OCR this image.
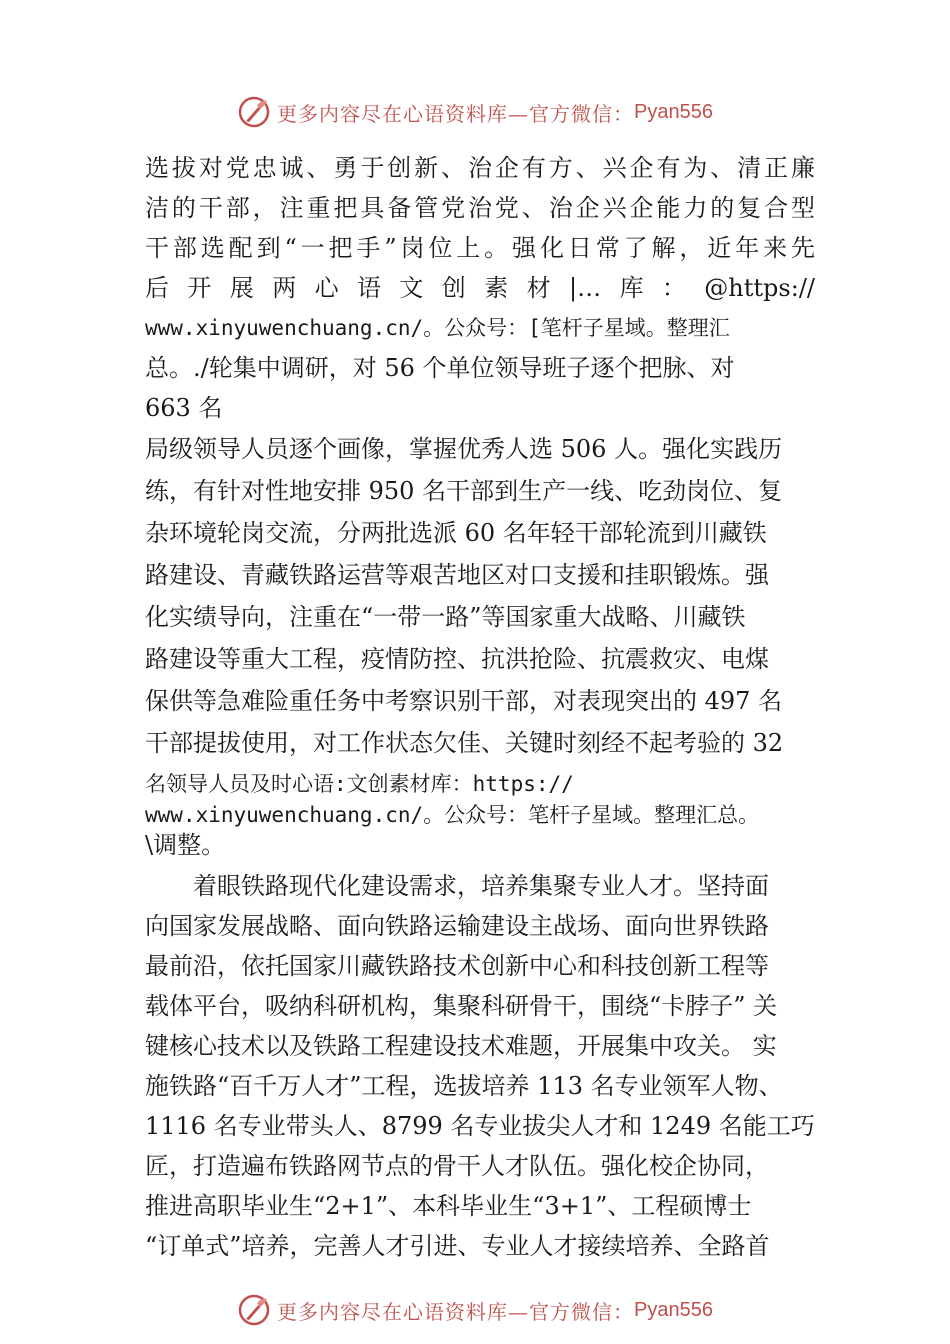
更多内容尽在心语资料库—官方微信： Pyan556
选拔对党忠诚、勇于创新、治企有方、兴企有为、清正廉
洁的干部，注重把具备管党治党、治企兴企能力的复合型
干部选配到“一把手”岗位上。强化日常了解，近年来先
后开展两心语文创素材|…库：@https://
www.xinyuwenchuang.cn/。公众号：[笔杆子星域。整理汇
总。./轮集中调研，对 56 个单位领导班子逐个把脉、对
663 名
局级领导人员逐个画像，掌握优秀人选 506 人。强化实践历
练，有针对性地安排 950 名干部到生产一线、吃劲岗位、复
杂环境轮岗交流，分两批选派 60 名年轻干部轮流到川藏铁
路建设、青藏铁路运营等艰苦地区对口支援和挂职锻炼。强
化实绩导向，注重在“一带一路”等国家重大战略、川藏铁
路建设等重大工程，疫情防控、抗洪抢险、抗震救灾、电煤
保供等急难险重任务中考察识别干部，对表现突出的 497 名
干部提拔使用，对工作状态欠佳、关键时刻经不起考验的 32
名领导人员及时心语:文创素材库：https://
www.xinyuwenchuang.cn/。公众号：笔杆子星域。整理汇总。
\调整。
着眼铁路现代化建设需求，培养集聚专业人才。坚持面
向国家发展战略、面向铁路运输建设主战场、面向世界铁路
最前沿，依托国家川藏铁路技术创新中心和科技创新工程等
载体平台，吸纳科研机构，集聚科研骨干，围绕“卡脖子” 关
键核心技术以及铁路工程建设技术难题，开展集中攻关。 实
施铁路“百千万人才”工程，选拔培养 113 名专业领军人物、
1116 名专业带头人、8799 名专业拔尖人才和 1249 名能工巧
匠，打造遍布铁路网节点的骨干人才队伍。强化校企协同，
推进高职毕业生“2+1”、本科毕业生“3+1”、工程硕博士
“订单式”培养，完善人才引进、专业人才接续培养、全路首
更多内容尽在心语资料库—官方微信： Pyan556
